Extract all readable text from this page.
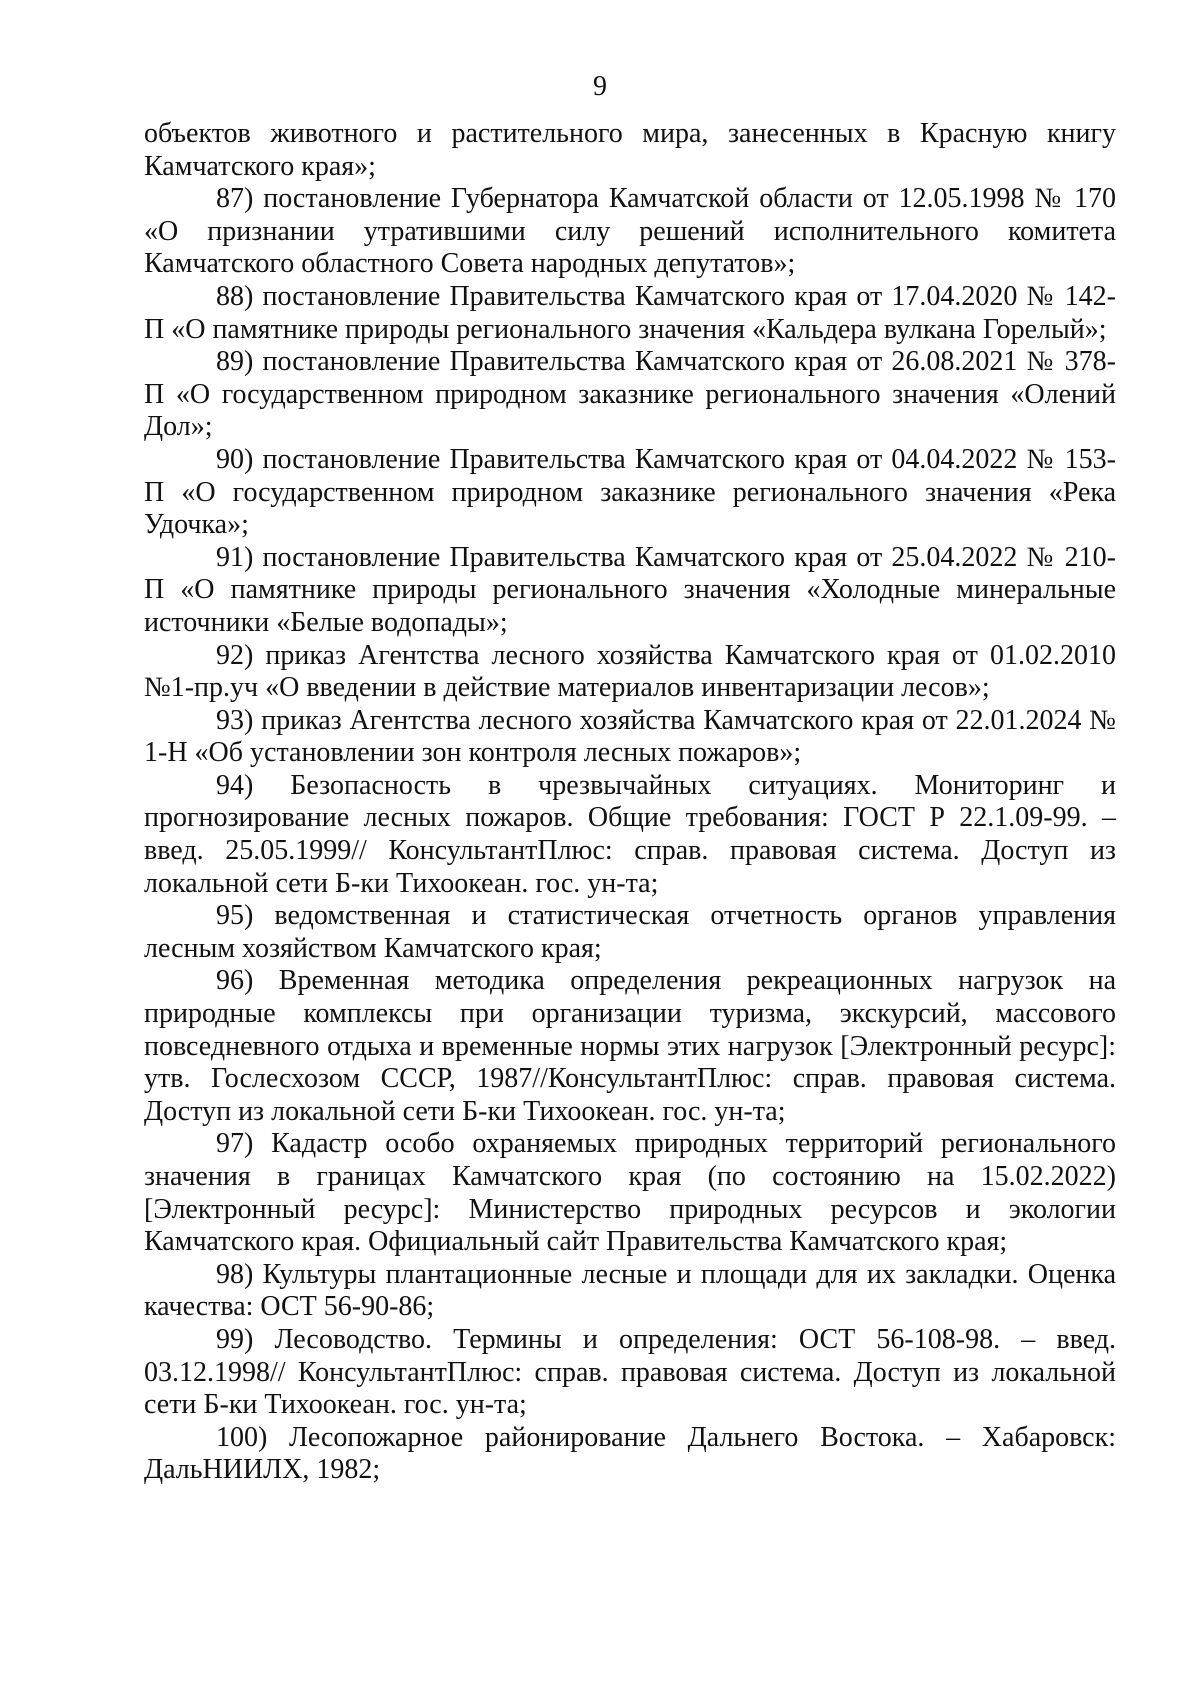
9

объектов животного и растительного мира, занесенных в Красную книгу Камчатского края»;

87) постановление Губернатора Камчатской области от 12.05.1998 № 170 «О признании утратившими силу решений исполнительного комитета Камчатского областного Совета народных депутатов»;

88) постановление Правительства Камчатского края от 17.04.2020 № 142-П «О памятнике природы регионального значения «Кальдера вулкана Горелый»;

89) постановление Правительства Камчатского края от 26.08.2021 № 378-П «О государственном природном заказнике регионального значения «Олений Дол»;

90) постановление Правительства Камчатского края от 04.04.2022 № 153-П «О государственном природном заказнике регионального значения «Река Удочка»;

91) постановление Правительства Камчатского края от 25.04.2022 № 210-П «О памятнике природы регионального значения «Холодные минеральные источники «Белые водопады»;

92) приказ Агентства лесного хозяйства Камчатского края от 01.02.2010 №1-пр.уч «О введении в действие материалов инвентаризации лесов»;

93) приказ Агентства лесного хозяйства Камчатского края от 22.01.2024 № 1-Н «Об установлении зон контроля лесных пожаров»;

94) Безопасность в чрезвычайных ситуациях. Мониторинг и прогнозирование лесных пожаров. Общие требования: ГОСТ Р 22.1.09-99. – введ. 25.05.1999// КонсультантПлюс: справ. правовая система. Доступ из локальной сети Б-ки Тихоокеан. гос. ун-та;

95) ведомственная и статистическая отчетность органов управления лесным хозяйством Камчатского края;

96) Временная методика определения рекреационных нагрузок на природные комплексы при организации туризма, экскурсий, массового повседневного отдыха и временные нормы этих нагрузок [Электронный ресурс]: утв. Гослесхозом СССР, 1987//КонсультантПлюс: справ. правовая система. Доступ из локальной сети Б-ки Тихоокеан. гос. ун-та;

97) Кадастр особо охраняемых природных территорий регионального значения в границах Камчатского края (по состоянию на 15.02.2022) [Электронный ресурс]: Министерство природных ресурсов и экологии Камчатского края. Официальный сайт Правительства Камчатского края;

98) Культуры плантационные лесные и площади для их закладки. Оценка качества: ОСТ 56-90-86;

99) Лесоводство. Термины и определения: ОСТ 56-108-98. – введ. 03.12.1998// КонсультантПлюс: справ. правовая система. Доступ из локальной сети Б-ки Тихоокеан. гос. ун-та;

100) Лесопожарное районирование Дальнего Востока. – Хабаровск: ДальНИИЛХ, 1982;
